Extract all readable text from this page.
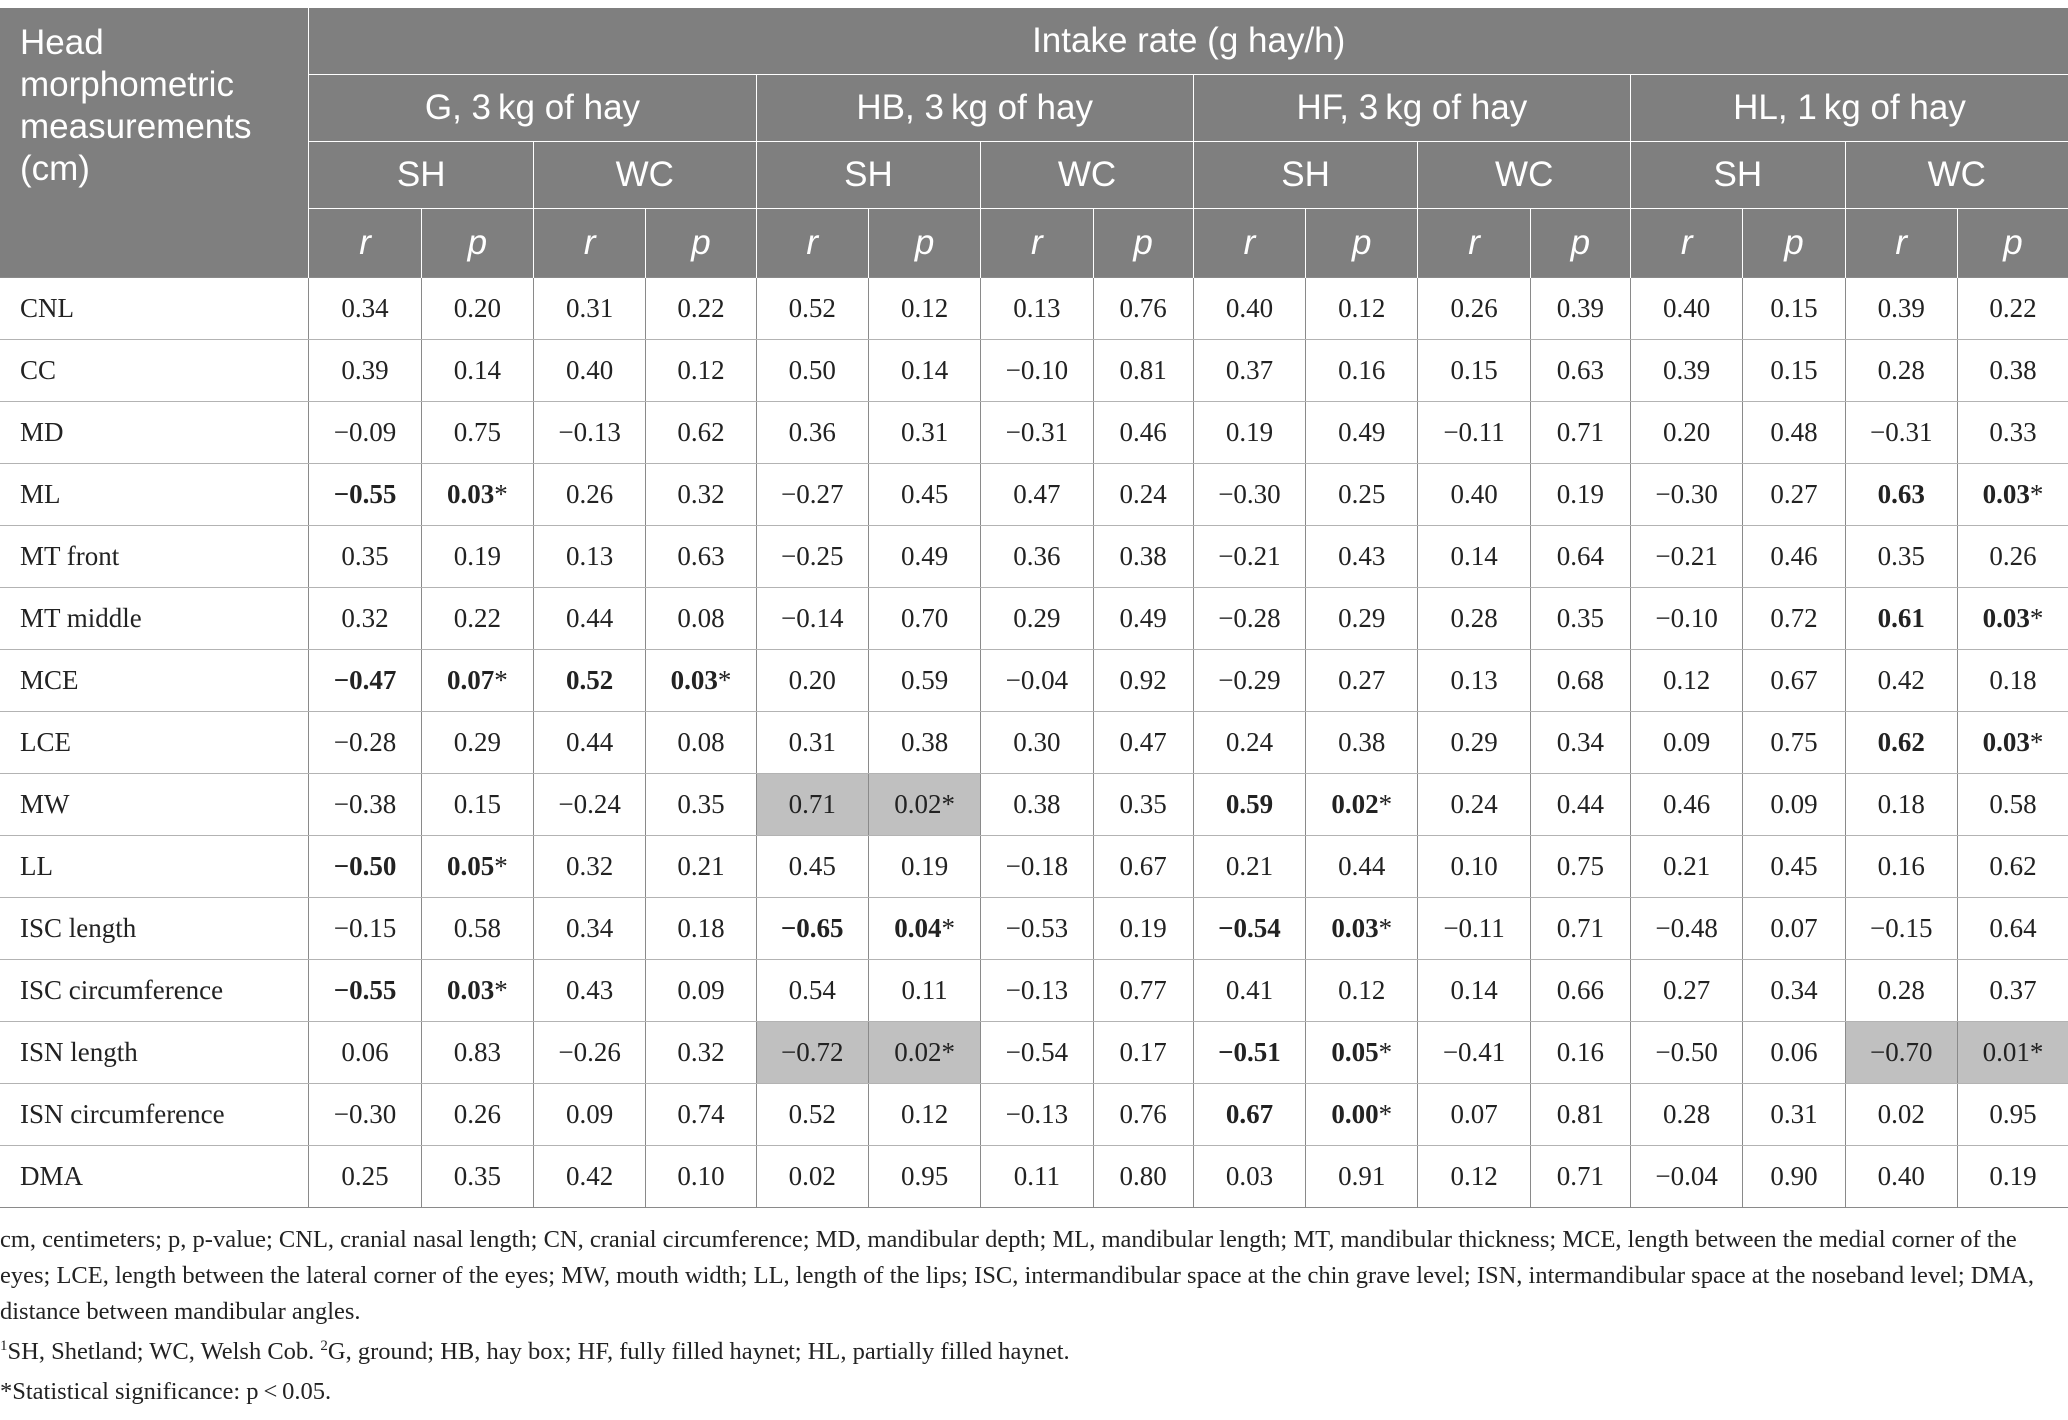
Head morphometric measurements (cm)	Intake rate (g hay/h)															
	G, 3 kg of hay				HB, 3 kg of hay				HF, 3 kg of hay				HL, 1 kg of hay			
	SH		WC		SH		WC		SH		WC		SH		WC	
	r	p	r	p	r	p	r	p	r	p	r	p	r	p	r	p
CNL	0.34	0.20	0.31	0.22	0.52	0.12	0.13	0.76	0.40	0.12	0.26	0.39	0.40	0.15	0.39	0.22
CC	0.39	0.14	0.40	0.12	0.50	0.14	−0.10	0.81	0.37	0.16	0.15	0.63	0.39	0.15	0.28	0.38
MD	−0.09	0.75	−0.13	0.62	0.36	0.31	−0.31	0.46	0.19	0.49	−0.11	0.71	0.20	0.48	−0.31	0.33
ML	−0.55	0.03*	0.26	0.32	−0.27	0.45	0.47	0.24	−0.30	0.25	0.40	0.19	−0.30	0.27	0.63	0.03*
MT front	0.35	0.19	0.13	0.63	−0.25	0.49	0.36	0.38	−0.21	0.43	0.14	0.64	−0.21	0.46	0.35	0.26
MT middle	0.32	0.22	0.44	0.08	−0.14	0.70	0.29	0.49	−0.28	0.29	0.28	0.35	−0.10	0.72	0.61	0.03*
MCE	−0.47	0.07*	0.52	0.03*	0.20	0.59	−0.04	0.92	−0.29	0.27	0.13	0.68	0.12	0.67	0.42	0.18
LCE	−0.28	0.29	0.44	0.08	0.31	0.38	0.30	0.47	0.24	0.38	0.29	0.34	0.09	0.75	0.62	0.03*
MW	−0.38	0.15	−0.24	0.35	0.71	0.02*	0.38	0.35	0.59	0.02*	0.24	0.44	0.46	0.09	0.18	0.58
LL	−0.50	0.05*	0.32	0.21	0.45	0.19	−0.18	0.67	0.21	0.44	0.10	0.75	0.21	0.45	0.16	0.62
ISC length	−0.15	0.58	0.34	0.18	−0.65	0.04*	−0.53	0.19	−0.54	0.03*	−0.11	0.71	−0.48	0.07	−0.15	0.64
ISC circumference	−0.55	0.03*	0.43	0.09	0.54	0.11	−0.13	0.77	0.41	0.12	0.14	0.66	0.27	0.34	0.28	0.37
ISN length	0.06	0.83	−0.26	0.32	−0.72	0.02*	−0.54	0.17	−0.51	0.05*	−0.41	0.16	−0.50	0.06	−0.70	0.01*
ISN circumference	−0.30	0.26	0.09	0.74	0.52	0.12	−0.13	0.76	0.67	0.00*	0.07	0.81	0.28	0.31	0.02	0.95
DMA	0.25	0.35	0.42	0.10	0.02	0.95	0.11	0.80	0.03	0.91	0.12	0.71	−0.04	0.90	0.40	0.19

cm, centimeters; p, p-value; CNL, cranial nasal length; CN, cranial circumference; MD, mandibular depth; ML, mandibular length; MT, mandibular thickness; MCE, length between the medial corner of the eyes; LCE, length between the lateral corner of the eyes; MW, mouth width; LL, length of the lips; ISC, intermandibular space at the chin grave level; ISN, intermandibular space at the noseband level; DMA, distance between mandibular angles.

$^1$SH, Shetland; WC, Welsh Cob. $^2$G, ground; HB, hay box; HF, fully filled haynet; HL, partially filled haynet.

*Statistical significance: p < 0.05.
